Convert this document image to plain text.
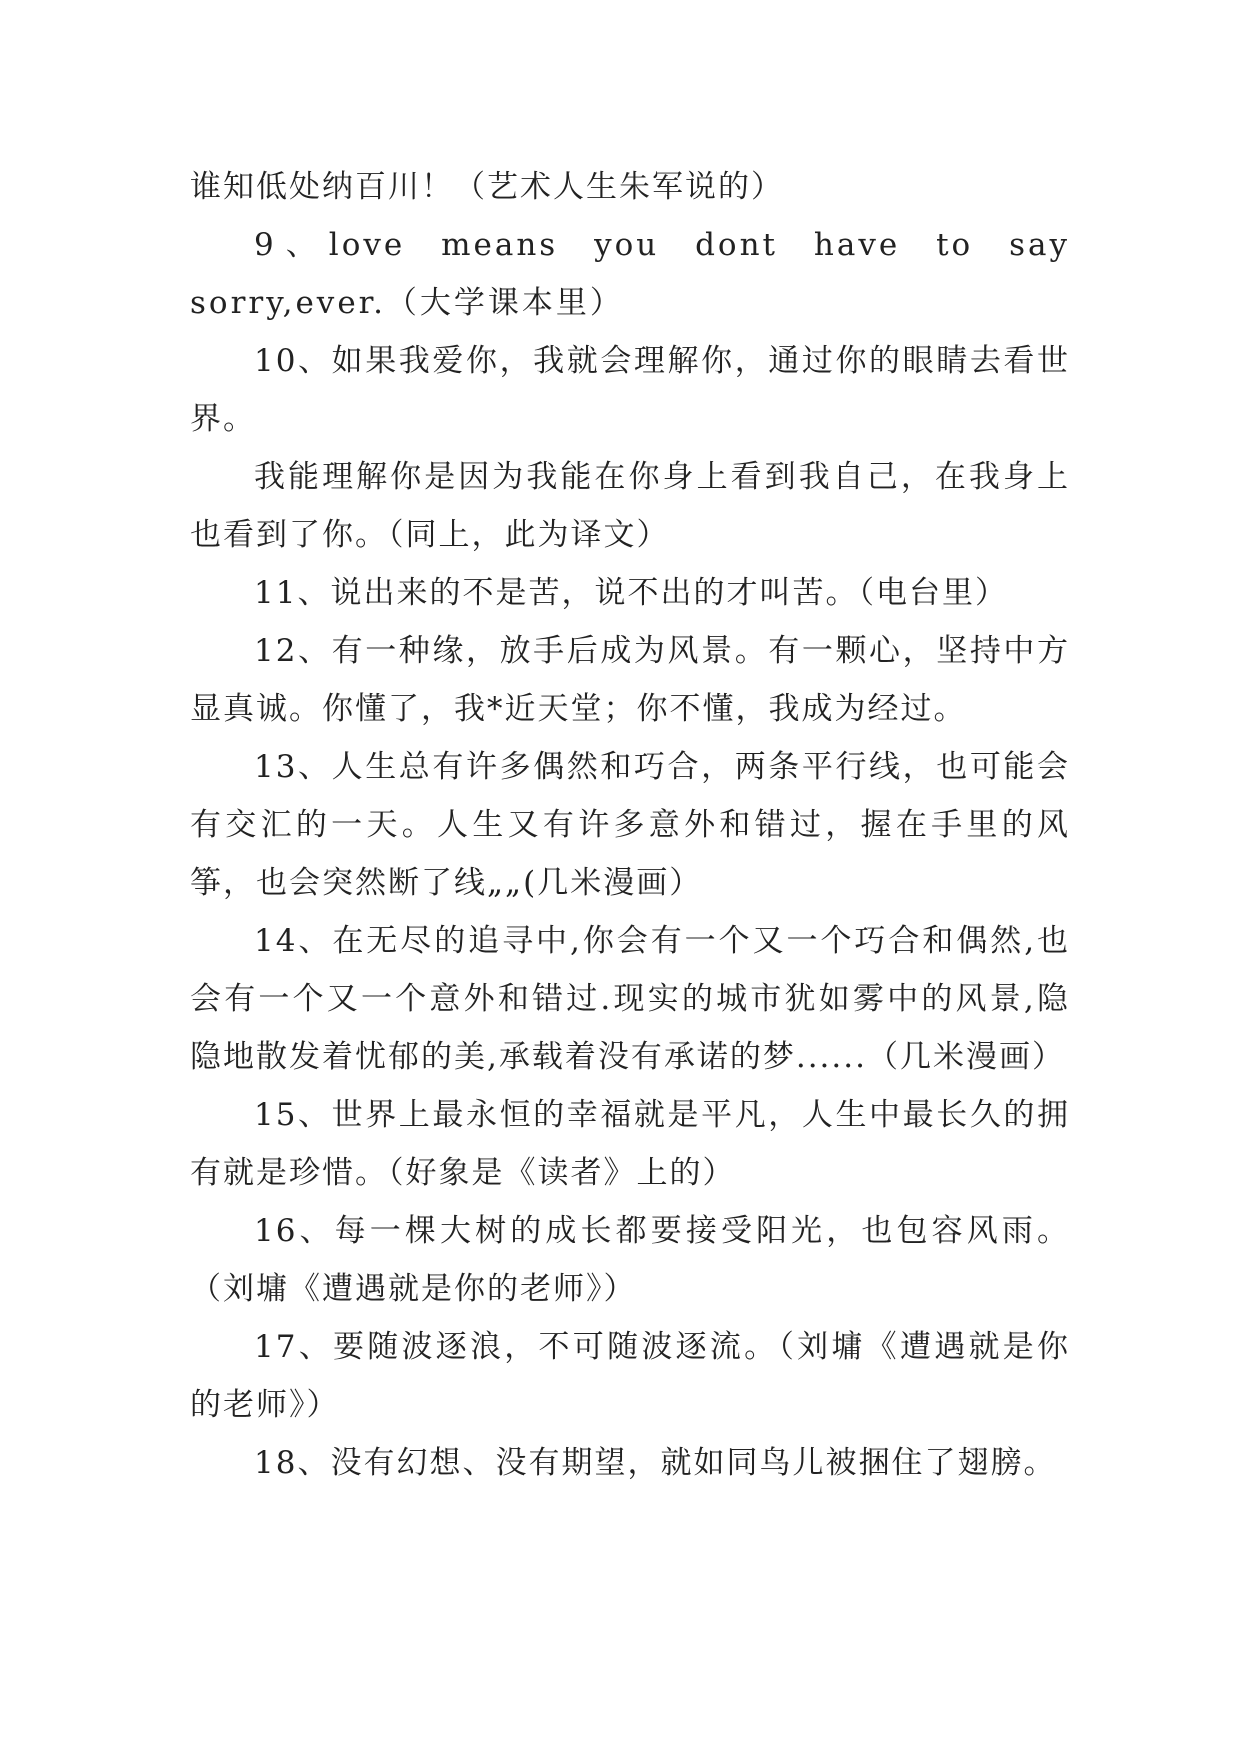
谁知低处纳百川！（艺术人生朱军说的）

9、love means you dont have to say sorry,ever.（大学课本里）

10、如果我爱你，我就会理解你，通过你的眼睛去看世界。

我能理解你是因为我能在你身上看到我自己，在我身上也看到了你。（同上，此为译文）

11、说出来的不是苦，说不出的才叫苦。（电台里）

12、有一种缘，放手后成为风景。有一颗心，坚持中方显真诚。你懂了，我*近天堂；你不懂，我成为经过。

13、人生总有许多偶然和巧合，两条平行线，也可能会有交汇的一天。人生又有许多意外和错过，握在手里的风筝，也会突然断了线„„(几米漫画）

14、在无尽的追寻中,你会有一个又一个巧合和偶然,也会有一个又一个意外和错过.现实的城市犹如雾中的风景,隐隐地散发着忧郁的美,承载着没有承诺的梦......（几米漫画）

15、世界上最永恒的幸福就是平凡，人生中最长久的拥有就是珍惜。（好象是《读者》上的）

16、每一棵大树的成长都要接受阳光，也包容风雨。（刘墉《遭遇就是你的老师》）

17、要随波逐浪，不可随波逐流。（刘墉《遭遇就是你的老师》）

18、没有幻想、没有期望，就如同鸟儿被捆住了翅膀。
